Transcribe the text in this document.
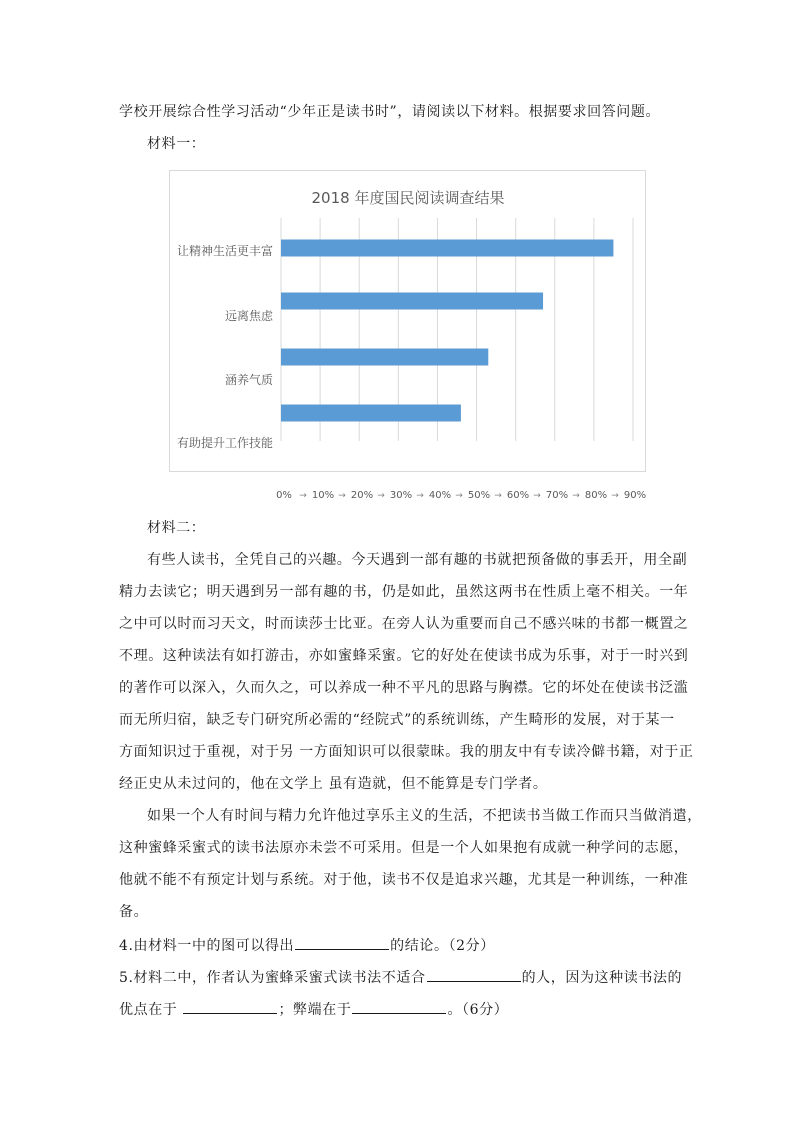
学校开展综合性学习活动“少年正是读书时”，请阅读以下材料。根据要求回答问题。
材料一：
2018 年度国民阅读调查结果
让精神生活更丰富
远离焦虑
涵养气质
有助提升工作技能
0% → 10% → 20% → 30% → 40% → 50% → 60% → 70% → 80% → 90%
材料二：
有些人读书，全凭自己的兴趣。今天遇到一部有趣的书就把预备做的事丢开，用全副
精力去读它；明天遇到另一部有趣的书，仍是如此，虽然这两书在性质上毫不相关。一年
之中可以时而习天文，时而读莎士比亚。在旁人认为重要而自己不感兴味的书都一概置之
不理。这种读法有如打游击，亦如蜜蜂采蜜。它的好处在使读书成为乐事，对于一时兴到
的著作可以深入，久而久之，可以养成一种不平凡的思路与胸襟。它的坏处在使读书泛滥
而无所归宿，缺乏专门研究所必需的“经院式”的系统训练，产生畸形的发展，对于某一
方面知识过于重视，对于另 一方面知识可以很蒙昧。我的朋友中有专读冷僻书籍，对于正
经正史从未过问的，他在文学上 虽有造就，但不能算是专门学者。
如果一个人有时间与精力允许他过享乐主义的生活，不把读书当做工作而只当做消遣，
这种蜜蜂采蜜式的读书法原亦未尝不可采用。但是一个人如果抱有成就一种学问的志愿，
他就不能不有预定计划与系统。对于他，读书不仅是追求兴趣，尤其是一种训练，一种准
备。
4.由材料一中的图可以得出	的结论。（2分）
5.材料二中，作者认为蜜蜂采蜜式读书法不适合	的人，因为这种读书法的
优点在于	；弊端在于	。（6分）
